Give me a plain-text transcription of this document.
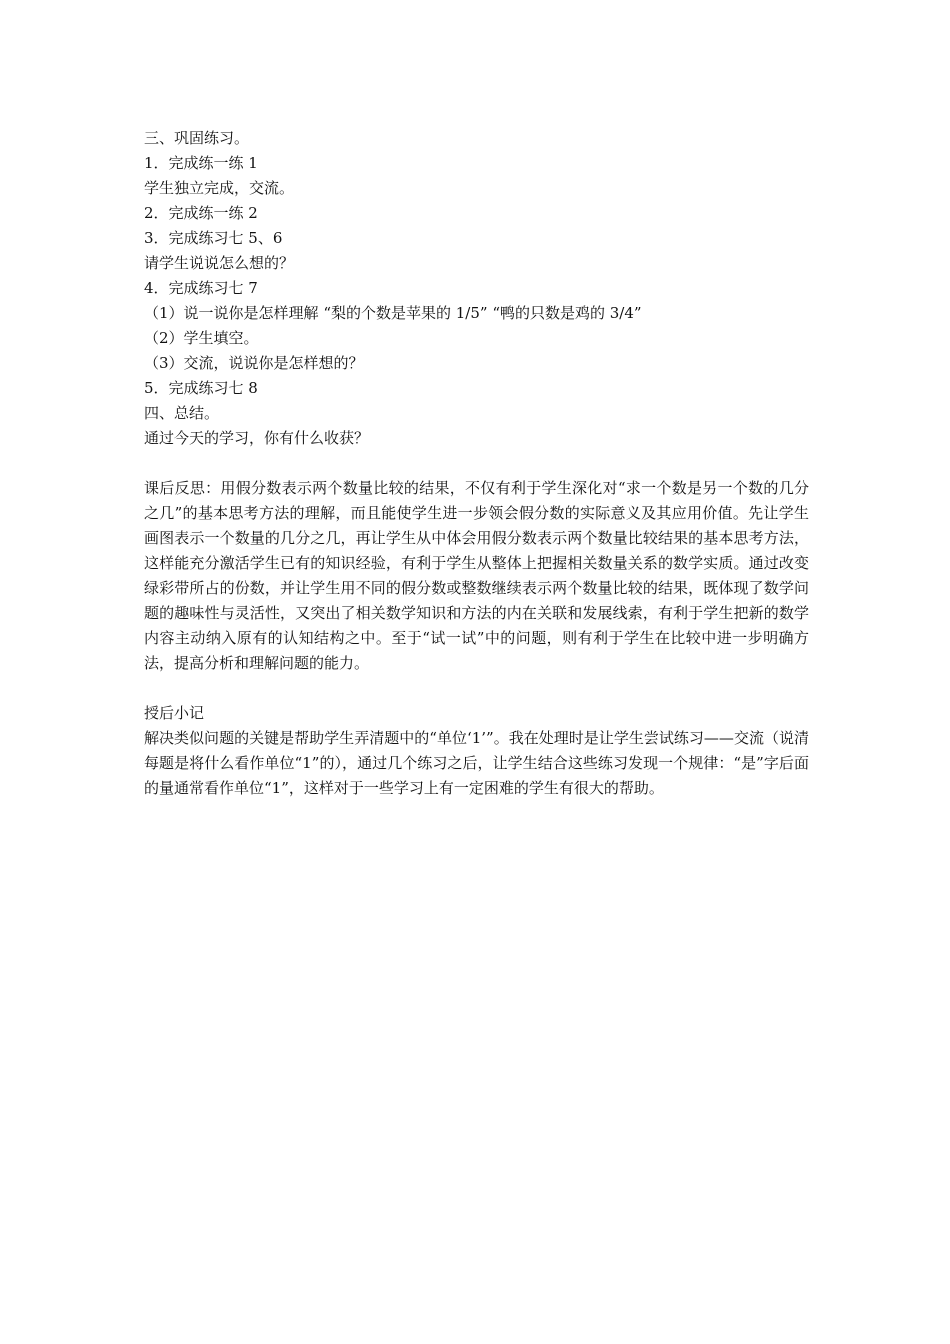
三、巩固练习。
1．完成练一练 1
学生独立完成，交流。
2．完成练一练 2
3．完成练习七 5、6
请学生说说怎么想的？
4．完成练习七 7
（1）说一说你是怎样理解 “梨的个数是苹果的 1/5” “鸭的只数是鸡的 3/4”
（2）学生填空。
（3）交流，说说你是怎样想的？
5．完成练习七 8
四、总结。
通过今天的学习，你有什么收获？

课后反思：用假分数表示两个数量比较的结果，不仅有利于学生深化对“求一个数是另一个数的几分之几”的基本思考方法的理解，而且能使学生进一步领会假分数的实际意义及其应用价值。先让学生画图表示一个数量的几分之几，再让学生从中体会用假分数表示两个数量比较结果的基本思考方法，这样能充分激活学生已有的知识经验，有利于学生从整体上把握相关数量关系的数学实质。通过改变绿彩带所占的份数，并让学生用不同的假分数或整数继续表示两个数量比较的结果，既体现了数学问题的趣味性与灵活性，又突出了相关数学知识和方法的内在关联和发展线索，有利于学生把新的数学内容主动纳入原有的认知结构之中。至于“试一试”中的问题，则有利于学生在比较中进一步明确方法，提高分析和理解问题的能力。

授后小记

解决类似问题的关键是帮助学生弄清题中的“单位‘1’”。我在处理时是让学生尝试练习——交流（说清每题是将什么看作单位“1”的），通过几个练习之后，让学生结合这些练习发现一个规律：“是”字后面的量通常看作单位“1”，这样对于一些学习上有一定困难的学生有很大的帮助。
